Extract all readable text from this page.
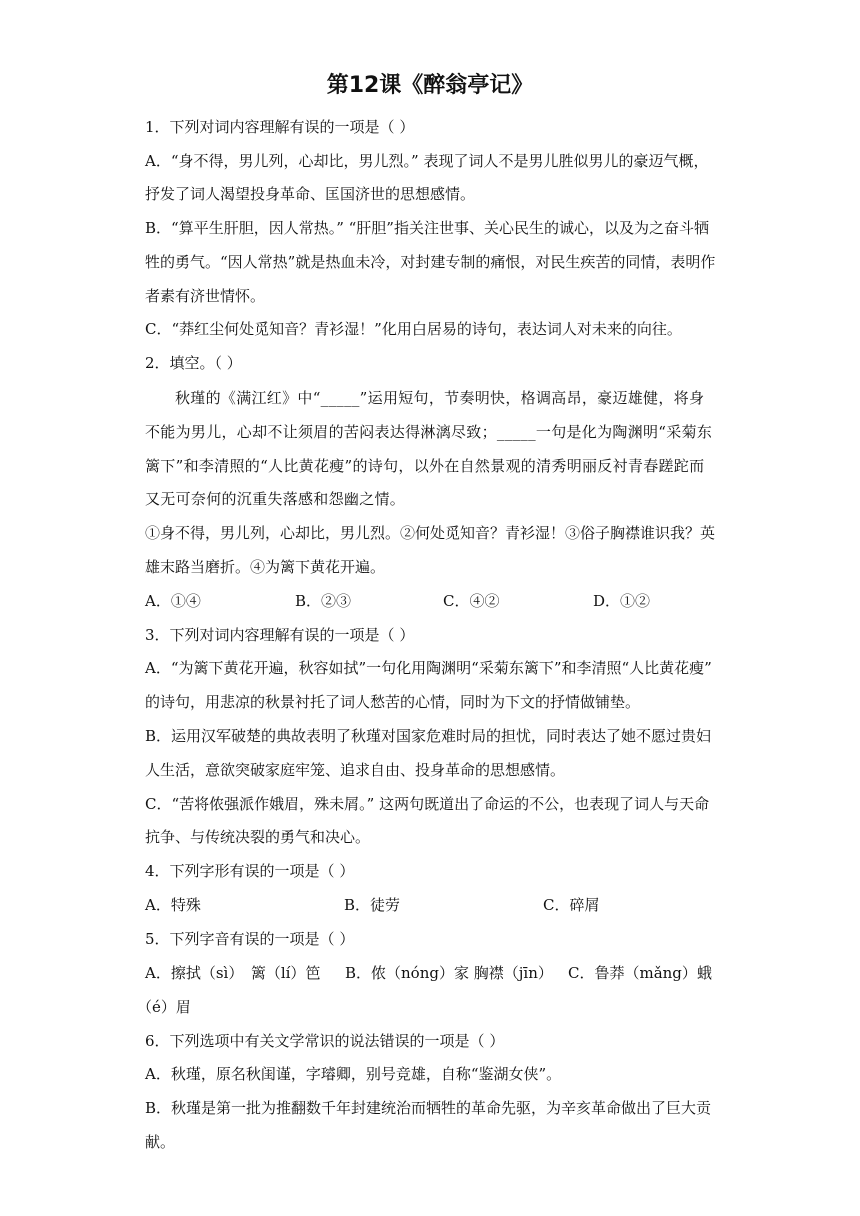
第12课《醉翁亭记》
1．下列对词内容理解有误的一项是（ ）
A．“身不得，男儿列，心却比，男儿烈。” 表现了词人不是男儿胜似男儿的豪迈气概，
抒发了词人渴望投身革命、匡国济世的思想感情。
B．“算平生肝胆，因人常热。” “肝胆”指关注世事、关心民生的诚心，以及为之奋斗牺
牲的勇气。“因人常热”就是热血未冷，对封建专制的痛恨，对民生疾苦的同情，表明作
者素有济世情怀。
C．“莽红尘何处觅知音？青衫湿！”化用白居易的诗句，表达词人对未来的向往。
2．填空。（ ）
秋瑾的《满江红》中“_____”运用短句，节奏明快，格调高昂，豪迈雄健，将身
不能为男儿，心却不让须眉的苦闷表达得淋漓尽致；_____一句是化为陶渊明“采菊东
篱下”和李清照的“人比黄花瘦”的诗句，以外在自然景观的清秀明丽反衬青春蹉跎而
又无可奈何的沉重失落感和怨幽之情。
①身不得，男儿列，心却比，男儿烈。②何处觅知音？青衫湿！③俗子胸襟谁识我？英
雄末路当磨折。④为篱下黄花开遍。
A．①④	B．②③	C．④②	D．①②
3．下列对词内容理解有误的一项是（ ）
A．“为篱下黄花开遍，秋容如拭”一句化用陶渊明“采菊东篱下”和李清照“人比黄花瘦”
的诗句，用悲凉的秋景衬托了词人愁苦的心情，同时为下文的抒情做铺垫。
B．运用汉军破楚的典故表明了秋瑾对国家危难时局的担忧，同时表达了她不愿过贵妇
人生活，意欲突破家庭牢笼、追求自由、投身革命的思想感情。
C．“苦将侬强派作娥眉，殊未屑。” 这两句既道出了命运的不公，也表现了词人与天命
抗争、与传统决裂的勇气和决心。
4．下列字形有误的一项是（ ）
A．特殊	B．徒劳	C．碎屑
5．下列字音有误的一项是（ ）
A．擦拭（sì）　篱（lí）笆 B．侬（nóng）家 胸襟（jīn） C．鲁莽（mǎng） 蛾
（é）眉
6．下列选项中有关文学常识的说法错误的一项是（ ）
A．秋瑾，原名秋闺谨，字璿卿，别号竞雄，自称“鉴湖女侠”。
B．秋瑾是第一批为推翻数千年封建统治而牺牲的革命先驱，为辛亥革命做出了巨大贡
献。
